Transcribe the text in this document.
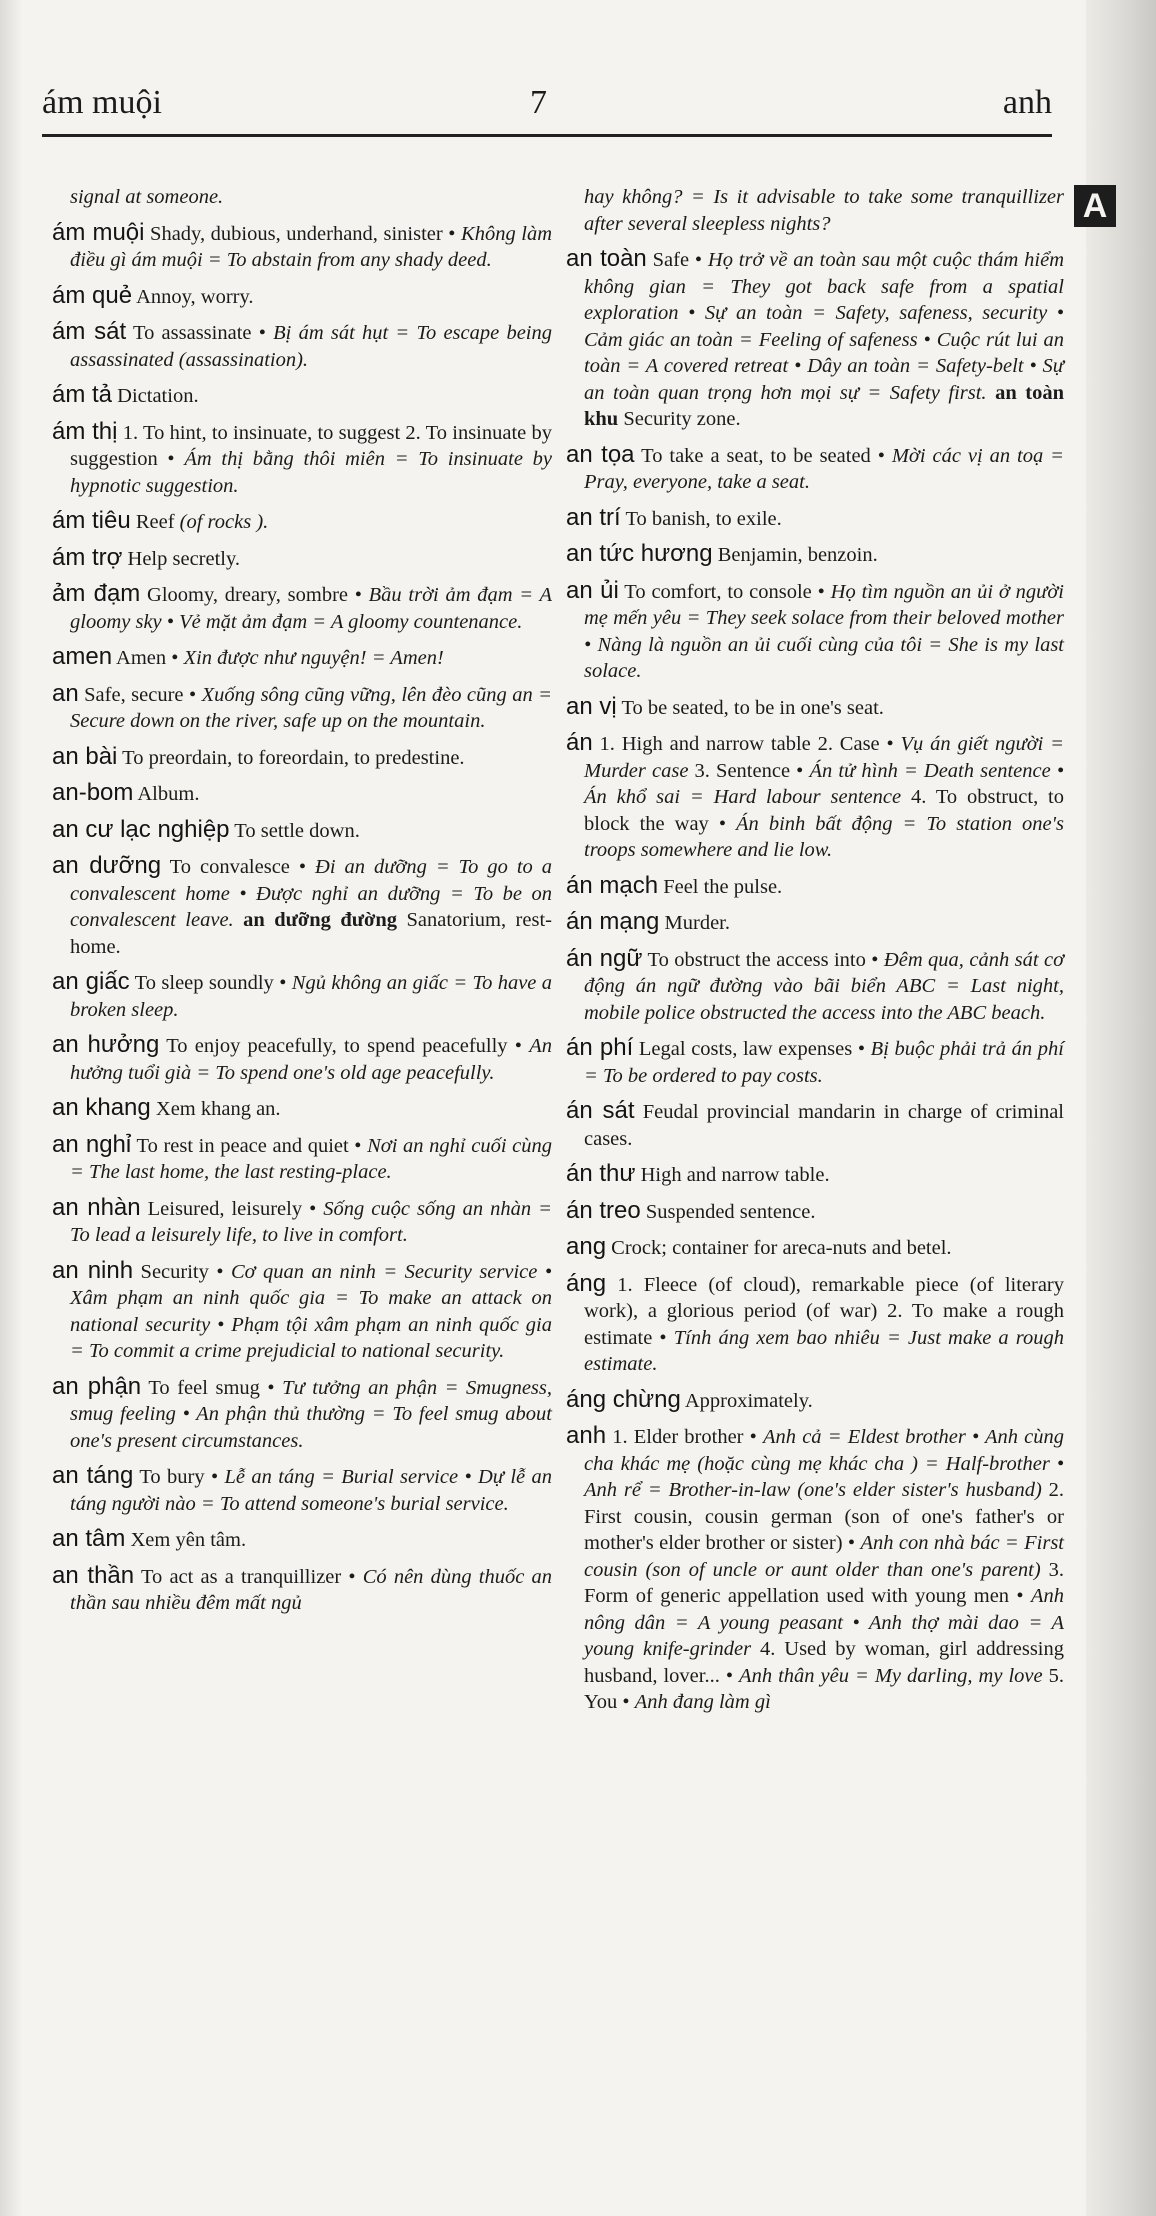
ám muội	7	anh
A

signal at someone.

ám muội Shady, dubious, underhand, sinister • Không làm điều gì ám muội = To abstain from any shady deed.

ám quẻ Annoy, worry.

ám sát To assassinate • Bị ám sát hụt = To escape being assassinated (assassination).

ám tả Dictation.

ám thị 1. To hint, to insinuate, to suggest 2. To insinuate by suggestion • Ám thị bằng thôi miên = To insinuate by hypnotic suggestion.

ám tiêu Reef (of rocks ).

ám trợ Help secretly.

ảm đạm Gloomy, dreary, sombre • Bầu trời ảm đạm = A gloomy sky • Vẻ mặt ảm đạm = A gloomy countenance.

amen Amen • Xin được như nguyện! = Amen!

an Safe, secure • Xuống sông cũng vững, lên đèo cũng an = Secure down on the river, safe up on the mountain.

an bài To preordain, to foreordain, to predestine.

an-bom Album.

an cư lạc nghiệp To settle down.

an dưỡng To convalesce • Đi an dưỡng = To go to a convalescent home • Được nghỉ an dưỡng = To be on convalescent leave. an dưỡng đường Sanatorium, rest-home.

an giấc To sleep soundly • Ngủ không an giấc = To have a broken sleep.

an hưởng To enjoy peacefully, to spend peacefully • An hưởng tuổi già = To spend one's old age peacefully.

an khang Xem khang an.

an nghỉ To rest in peace and quiet • Nơi an nghỉ cuối cùng = The last home, the last resting-place.

an nhàn Leisured, leisurely • Sống cuộc sống an nhàn = To lead a leisurely life, to live in comfort.

an ninh Security • Cơ quan an ninh = Security service • Xâm phạm an ninh quốc gia = To make an attack on national security • Phạm tội xâm phạm an ninh quốc gia = To commit a crime prejudicial to national security.

an phận To feel smug • Tư tưởng an phận = Smugness, smug feeling • An phận thủ thường = To feel smug about one's present circumstances.

an táng To bury • Lễ an táng = Burial service • Dự lễ an táng người nào = To attend someone's burial service.

an tâm Xem yên tâm.

an thần To act as a tranquillizer • Có nên dùng thuốc an thần sau nhiều đêm mất ngủ

hay không? = Is it advisable to take some tranquillizer after several sleepless nights?

an toàn Safe • Họ trở về an toàn sau một cuộc thám hiểm không gian = They got back safe from a spatial exploration • Sự an toàn = Safety, safeness, security • Cảm giác an toàn = Feeling of safeness • Cuộc rút lui an toàn = A covered retreat • Dây an toàn = Safety-belt • Sự an toàn quan trọng hơn mọi sự = Safety first. an toàn khu Security zone.

an tọa To take a seat, to be seated • Mời các vị an toạ = Pray, everyone, take a seat.

an trí To banish, to exile.

an tức hương Benjamin, benzoin.

an ủi To comfort, to console • Họ tìm nguồn an ủi ở người mẹ mến yêu = They seek solace from their beloved mother • Nàng là nguồn an ủi cuối cùng của tôi = She is my last solace.

an vị To be seated, to be in one's seat.

án 1. High and narrow table 2. Case • Vụ án giết người = Murder case 3. Sentence • Án tử hình = Death sentence • Án khổ sai = Hard labour sentence 4. To obstruct, to block the way • Án binh bất động = To station one's troops somewhere and lie low.

án mạch Feel the pulse.

án mạng Murder.

án ngữ To obstruct the access into • Đêm qua, cảnh sát cơ động án ngữ đường vào bãi biển ABC = Last night, mobile police obstructed the access into the ABC beach.

án phí Legal costs, law expenses • Bị buộc phải trả án phí = To be ordered to pay costs.

án sát Feudal provincial mandarin in charge of criminal cases.

án thư High and narrow table.

án treo Suspended sentence.

ang Crock; container for areca-nuts and betel.

áng 1. Fleece (of cloud), remarkable piece (of literary work), a glorious period (of war) 2. To make a rough estimate • Tính áng xem bao nhiêu = Just make a rough estimate.

áng chừng Approximately.

anh 1. Elder brother • Anh cả = Eldest brother • Anh cùng cha khác mẹ (hoặc cùng mẹ khác cha ) = Half-brother • Anh rể = Brother-in-law (one's elder sister's husband) 2. First cousin, cousin german (son of one's father's or mother's elder brother or sister) • Anh con nhà bác = First cousin (son of uncle or aunt older than one's parent) 3. Form of generic appellation used with young men • Anh nông dân = A young peasant • Anh thợ mài dao = A young knife-grinder 4. Used by woman, girl addressing husband, lover... • Anh thân yêu = My darling, my love 5. You • Anh đang làm gì
